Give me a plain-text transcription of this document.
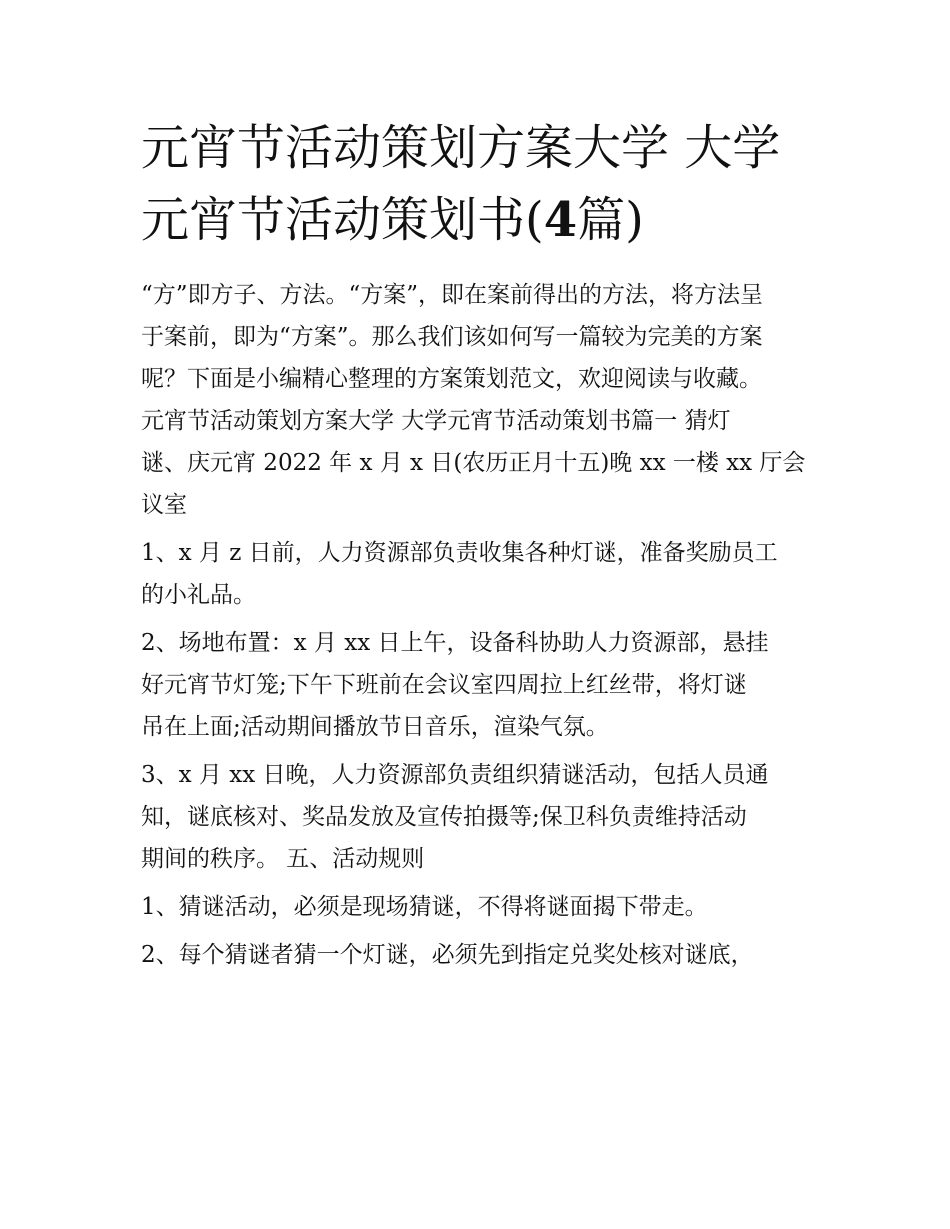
元宵节活动策划方案大学 大学
元宵节活动策划书(4篇)

“方”即方子、方法。“方案”，即在案前得出的方法，将方法呈
于案前，即为“方案”。那么我们该如何写一篇较为完美的方案
呢？下面是小编精心整理的方案策划范文，欢迎阅读与收藏。
元宵节活动策划方案大学 大学元宵节活动策划书篇一 猜灯
谜、庆元宵 2022 年 x 月 x 日(农历正月十五)晚 xx 一楼 xx 厅会
议室

1、x 月 z 日前，人力资源部负责收集各种灯谜，准备奖励员工
的小礼品。

2、场地布置：x 月 xx 日上午，设备科协助人力资源部，悬挂
好元宵节灯笼;下午下班前在会议室四周拉上红丝带，将灯谜
吊在上面;活动期间播放节日音乐，渲染气氛。

3、x 月 xx 日晚，人力资源部负责组织猜谜活动，包括人员通
知，谜底核对、奖品发放及宣传拍摄等;保卫科负责维持活动
期间的秩序。 五、活动规则

1、猜谜活动，必须是现场猜谜，不得将谜面揭下带走。

2、每个猜谜者猜一个灯谜，必须先到指定兑奖处核对谜底，
